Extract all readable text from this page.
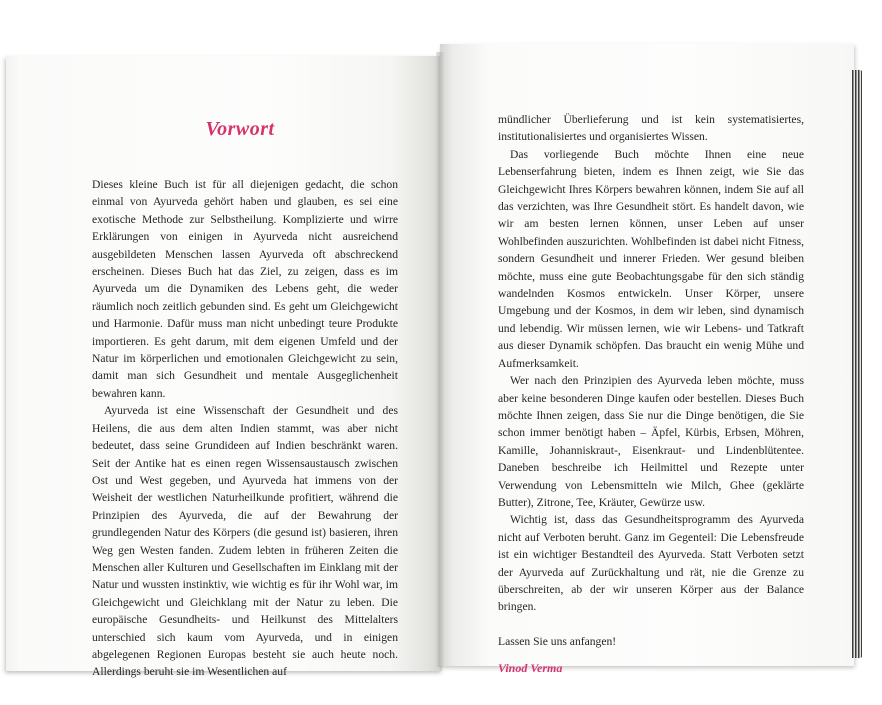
Vorwort

Dieses kleine Buch ist für all diejenigen gedacht, die schon einmal von Ayurveda gehört haben und glauben, es sei eine exotische Methode zur Selbstheilung. Komplizierte und wirre Erklärungen von einigen in Ayurveda nicht ausreichend ausgebildeten Menschen lassen Ayurveda oft abschreckend erscheinen. Dieses Buch hat das Ziel, zu zeigen, dass es im Ayurveda um die Dynamiken des Lebens geht, die weder räumlich noch zeitlich gebunden sind. Es geht um Gleichgewicht und Harmonie. Dafür muss man nicht unbedingt teure Produkte importieren. Es geht darum, mit dem eigenen Umfeld und der Natur im körperlichen und emotionalen Gleichgewicht zu sein, damit man sich Gesundheit und mentale Ausgeglichenheit bewahren kann.

Ayurveda ist eine Wissenschaft der Gesundheit und des Heilens, die aus dem alten Indien stammt, was aber nicht bedeutet, dass seine Grundideen auf Indien beschränkt waren. Seit der Antike hat es einen regen Wissensaustausch zwischen Ost und West gegeben, und Ayurveda hat immens von der Weisheit der westlichen Naturheilkunde profitiert, während die Prinzipien des Ayurveda, die auf der Bewahrung der grundlegenden Natur des Körpers (die gesund ist) basieren, ihren Weg gen Westen fanden. Zudem lebten in früheren Zeiten die Menschen aller Kulturen und Gesellschaften im Einklang mit der Natur und wussten instinktiv, wie wichtig es für ihr Wohl war, im Gleichgewicht und Gleichklang mit der Natur zu leben. Die europäische Gesundheits- und Heilkunst des Mittelalters unterschied sich kaum vom Ayurveda, und in einigen abgelegenen Regionen Europas besteht sie auch heute noch. Allerdings beruht sie im Wesentlichen auf

mündlicher Überlieferung und ist kein systematisiertes, institutionalisiertes und organisiertes Wissen.

Das vorliegende Buch möchte Ihnen eine neue Lebenserfahrung bieten, indem es Ihnen zeigt, wie Sie das Gleichgewicht Ihres Körpers bewahren können, indem Sie auf all das verzichten, was Ihre Gesundheit stört. Es handelt davon, wie wir am besten lernen können, unser Leben auf unser Wohlbefinden auszurichten. Wohlbefinden ist dabei nicht Fitness, sondern Gesundheit und innerer Frieden. Wer gesund bleiben möchte, muss eine gute Beobachtungsgabe für den sich ständig wandelnden Kosmos entwickeln. Unser Körper, unsere Umgebung und der Kosmos, in dem wir leben, sind dynamisch und lebendig. Wir müssen lernen, wie wir Lebens- und Tatkraft aus dieser Dynamik schöpfen. Das braucht ein wenig Mühe und Aufmerksamkeit.

Wer nach den Prinzipien des Ayurveda leben möchte, muss aber keine besonderen Dinge kaufen oder bestellen. Dieses Buch möchte Ihnen zeigen, dass Sie nur die Dinge benötigen, die Sie schon immer benötigt haben – Äpfel, Kürbis, Erbsen, Möhren, Kamille, Johanniskraut-, Eisenkraut- und Lindenblütentee. Daneben beschreibe ich Heilmittel und Rezepte unter Verwendung von Lebensmitteln wie Milch, Ghee (geklärte Butter), Zitrone, Tee, Kräuter, Gewürze usw.

Wichtig ist, dass das Gesundheitsprogramm des Ayurveda nicht auf Verboten beruht. Ganz im Gegenteil: Die Lebensfreude ist ein wichtiger Bestandteil des Ayurveda. Statt Verboten setzt der Ayurveda auf Zurückhaltung und rät, nie die Grenze zu überschreiten, ab der wir unseren Körper aus der Balance bringen.

Lassen Sie uns anfangen!

Vinod Verma
